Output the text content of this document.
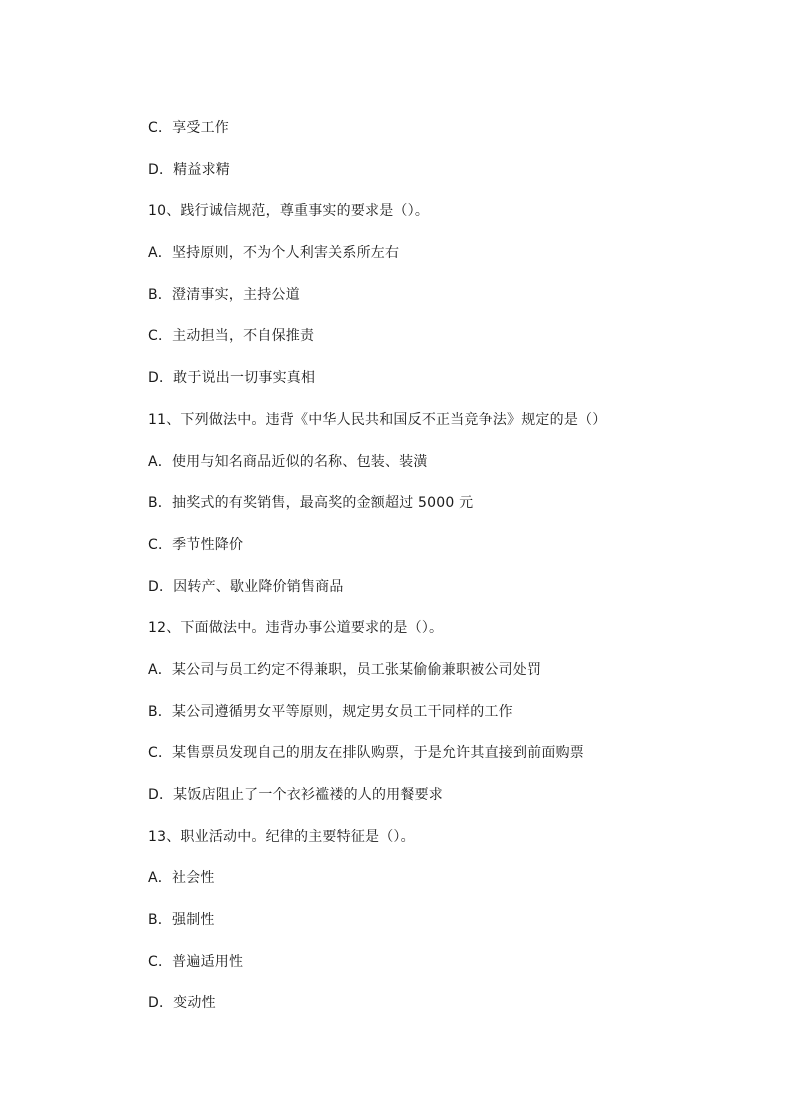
C．享受工作
D．精益求精
10、践行诚信规范，尊重事实的要求是（）。
A．坚持原则，不为个人利害关系所左右
B．澄清事实，主持公道
C．主动担当，不自保推责
D．敢于说出一切事实真相
11、下列做法中。违背《中华人民共和国反不正当竞争法》规定的是（）
A．使用与知名商品近似的名称、包装、装潢
B．抽奖式的有奖销售，最高奖的金额超过 5000 元
C．季节性降价
D．因转产、歇业降价销售商品
12、下面做法中。违背办事公道要求的是（）。
A．某公司与员工约定不得兼职，员工张某偷偷兼职被公司处罚
B．某公司遵循男女平等原则，规定男女员工干同样的工作
C．某售票员发现自己的朋友在排队购票，于是允许其直接到前面购票
D．某饭店阻止了一个衣衫褴褛的人的用餐要求
13、职业活动中。纪律的主要特征是（）。
A．社会性
B．强制性
C．普遍适用性
D．变动性
